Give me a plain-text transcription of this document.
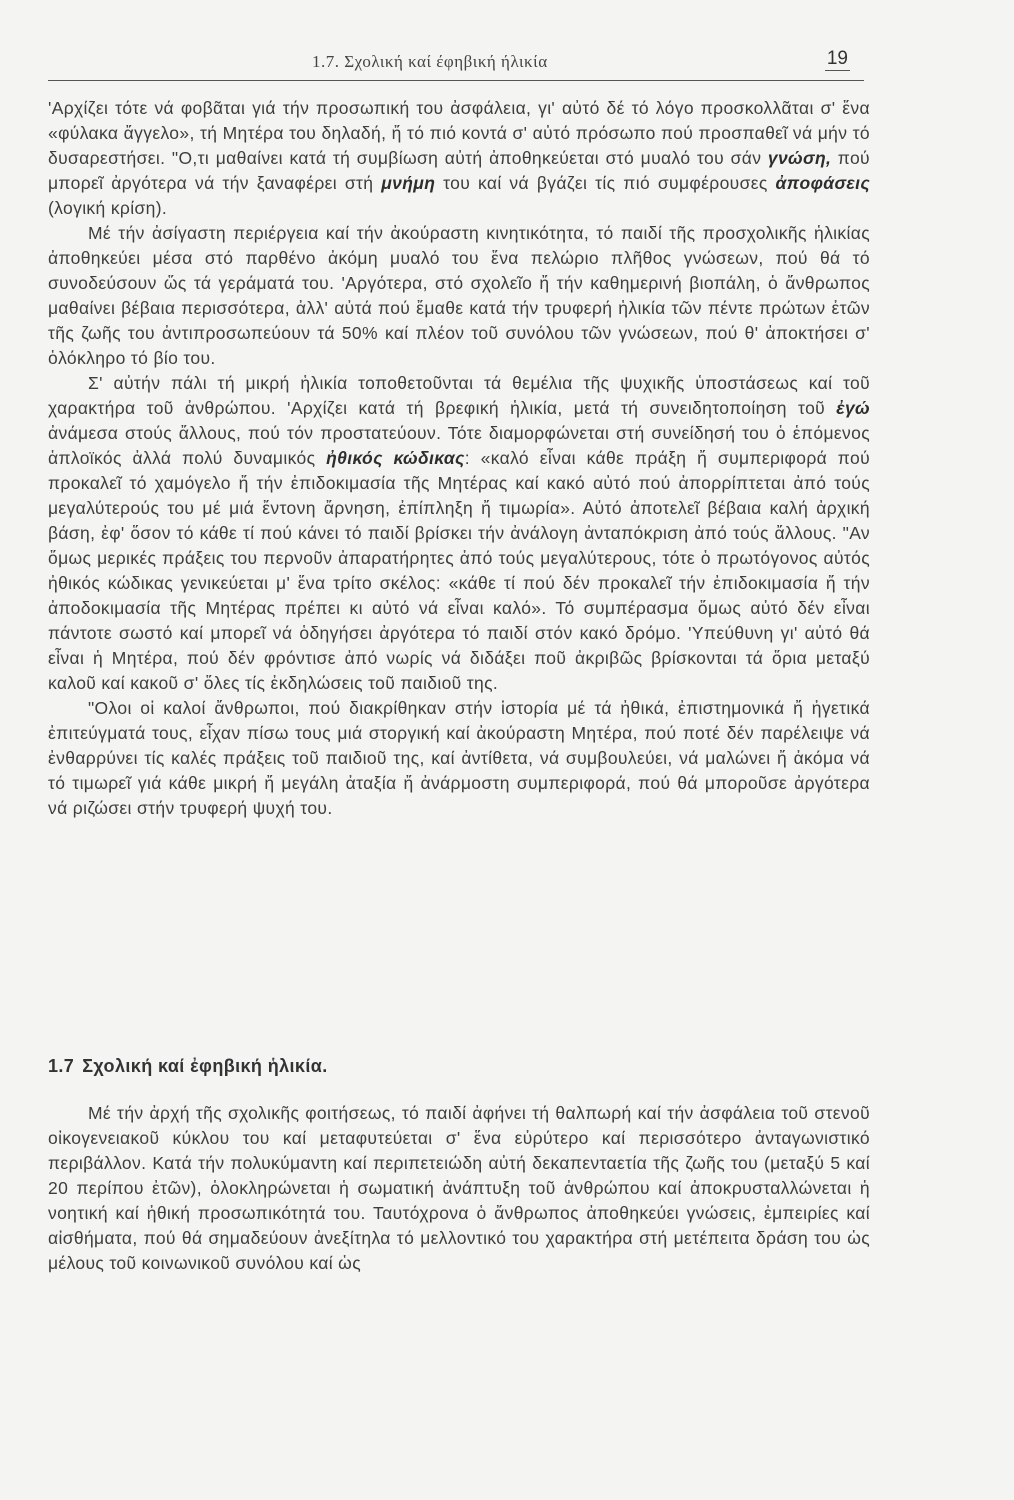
1.7. Σχολική καί έφηβική ήλικία	19

'Αρχίζει τότε νά φοβᾶται γιά τήν προσωπική του ἀσφάλεια, γι' αὐτό δέ τό λόγο προσκολλᾶται σ' ἕνα «φύλακα ἄγγελο», τή Μητέρα του δηλαδή, ἤ τό πιό κοντά σ' αὐτό πρόσωπο πού προσπαθεῖ νά μήν τό δυσαρεστήσει. "Ο,τι μαθαίνει κατά τή συμβίωση αὐτή ἀποθηκεύεται στό μυαλό του σάν γνώση, πού μπορεῖ ἀργότερα νά τήν ξαναφέρει στή μνήμη του καί νά βγάζει τίς πιό συμφέρουσες ἀποφάσεις (λογική κρίση).

Μέ τήν ἀσίγαστη περιέργεια καί τήν ἀκούραστη κινητικότητα, τό παιδί τῆς προσχολικῆς ἡλικίας ἀποθηκεύει μέσα στό παρθένο ἀκόμη μυαλό του ἕνα πελώριο πλῆθος γνώσεων, πού θά τό συνοδεύσουν ὥς τά γεράματά του. 'Αργότερα, στό σχολεῖο ἤ τήν καθημερινή βιοπάλη, ὁ ἄνθρωπος μαθαίνει βέβαια περισσότερα, ἀλλ' αὐτά πού ἔμαθε κατά τήν τρυφερή ἡλικία τῶν πέντε πρώτων ἐτῶν τῆς ζωῆς του ἀντιπροσωπεύουν τά 50% καί πλέον τοῦ συνόλου τῶν γνώσεων, πού θ' ἀποκτήσει σ' ὁλόκληρο τό βίο του.

Σ' αὐτήν πάλι τή μικρή ἡλικία τοποθετοῦνται τά θεμέλια τῆς ψυχικῆς ὑποστάσεως καί τοῦ χαρακτήρα τοῦ ἀνθρώπου. 'Αρχίζει κατά τή βρεφική ἡλικία, μετά τή συνειδητοποίηση τοῦ ἐγώ ἀνάμεσα στούς ἄλλους, πού τόν προστατεύουν. Τότε διαμορφώνεται στή συνείδησή του ὁ ἑπόμενος ἁπλοϊκός ἀλλά πολύ δυναμικός ἠθικός κώδικας: «καλό εἶναι κάθε πράξη ἤ συμπεριφορά πού προκαλεῖ τό χαμόγελο ἤ τήν ἐπιδοκιμασία τῆς Μητέρας καί κακό αὐτό πού ἀπορρίπτεται ἀπό τούς μεγαλύτερούς του μέ μιά ἔντονη ἄρνηση, ἐπίπληξη ἤ τιμωρία». Αὐτό ἀποτελεῖ βέβαια καλή ἀρχική βάση, ἐφ' ὅσον τό κάθε τί πού κάνει τό παιδί βρίσκει τήν ἀνάλογη ἀνταπόκριση ἀπό τούς ἄλλους. "Αν ὅμως μερικές πράξεις του περνοῦν ἀπαρατήρητες ἀπό τούς μεγαλύτερους, τότε ὁ πρωτόγονος αὐτός ἠθικός κώδικας γενικεύεται μ' ἕνα τρίτο σκέλος: «κάθε τί πού δέν προκαλεῖ τήν ἐπιδοκιμασία ἤ τήν ἀποδοκιμασία τῆς Μητέρας πρέπει κι αὐτό νά εἶναι καλό». Τό συμπέρασμα ὅμως αὐτό δέν εἶναι πάντοτε σωστό καί μπορεῖ νά ὁδηγήσει ἀργότερα τό παιδί στόν κακό δρόμο. 'Υπεύθυνη γι' αὐτό θά εἶναι ἡ Μητέρα, πού δέν φρόντισε ἀπό νωρίς νά διδάξει ποῦ ἀκριβῶς βρίσκονται τά ὅρια μεταξύ καλοῦ καί κακοῦ σ' ὅλες τίς ἐκδηλώσεις τοῦ παιδιοῦ της.

"Ολοι οἱ καλοί ἄνθρωποι, πού διακρίθηκαν στήν ἱστορία μέ τά ἠθικά, ἐπιστημονικά ἤ ἠγετικά ἐπιτεύγματά τους, εἶχαν πίσω τους μιά στοργική καί ἀκούραστη Μητέρα, πού ποτέ δέν παρέλειψε νά ἐνθαρρύνει τίς καλές πράξεις τοῦ παιδιοῦ της, καί ἀντίθετα, νά συμβουλεύει, νά μαλώνει ἤ ἀκόμα νά τό τιμωρεῖ γιά κάθε μικρή ἤ μεγάλη ἀταξία ἤ ἀνάρμοστη συμπεριφορά, πού θά μποροῦσε ἀργότερα νά ριζώσει στήν τρυφερή ψυχή του.

1.7 Σχολική καί ἐφηβική ἡλικία.

Μέ τήν ἀρχή τῆς σχολικῆς φοιτήσεως, τό παιδί ἀφήνει τή θαλπωρή καί τήν ἀσφάλεια τοῦ στενοῦ οἰκογενειακοῦ κύκλου του καί μεταφυτεύεται σ' ἕνα εὐρύτερο καί περισσότερο ἀνταγωνιστικό περιβάλλον. Κατά τήν πολυκύμαντη καί περιπετειώδη αὐτή δεκαπενταετία τῆς ζωῆς του (μεταξύ 5 καί 20 περίπου ἐτῶν), ὁλοκληρώνεται ἡ σωματική ἀνάπτυξη τοῦ ἀνθρώπου καί ἀποκρυσταλλώνεται ἡ νοητική καί ἠθική προσωπικότητά του. Ταυτόχρονα ὁ ἄνθρωπος ἀποθηκεύει γνώσεις, ἐμπειρίες καί αἰσθήματα, πού θά σημαδεύουν ἀνεξίτηλα τό μελλοντικό του χαρακτήρα στή μετέπειτα δράση του ὡς μέλους τοῦ κοινωνικοῦ συνόλου καί ὡς
